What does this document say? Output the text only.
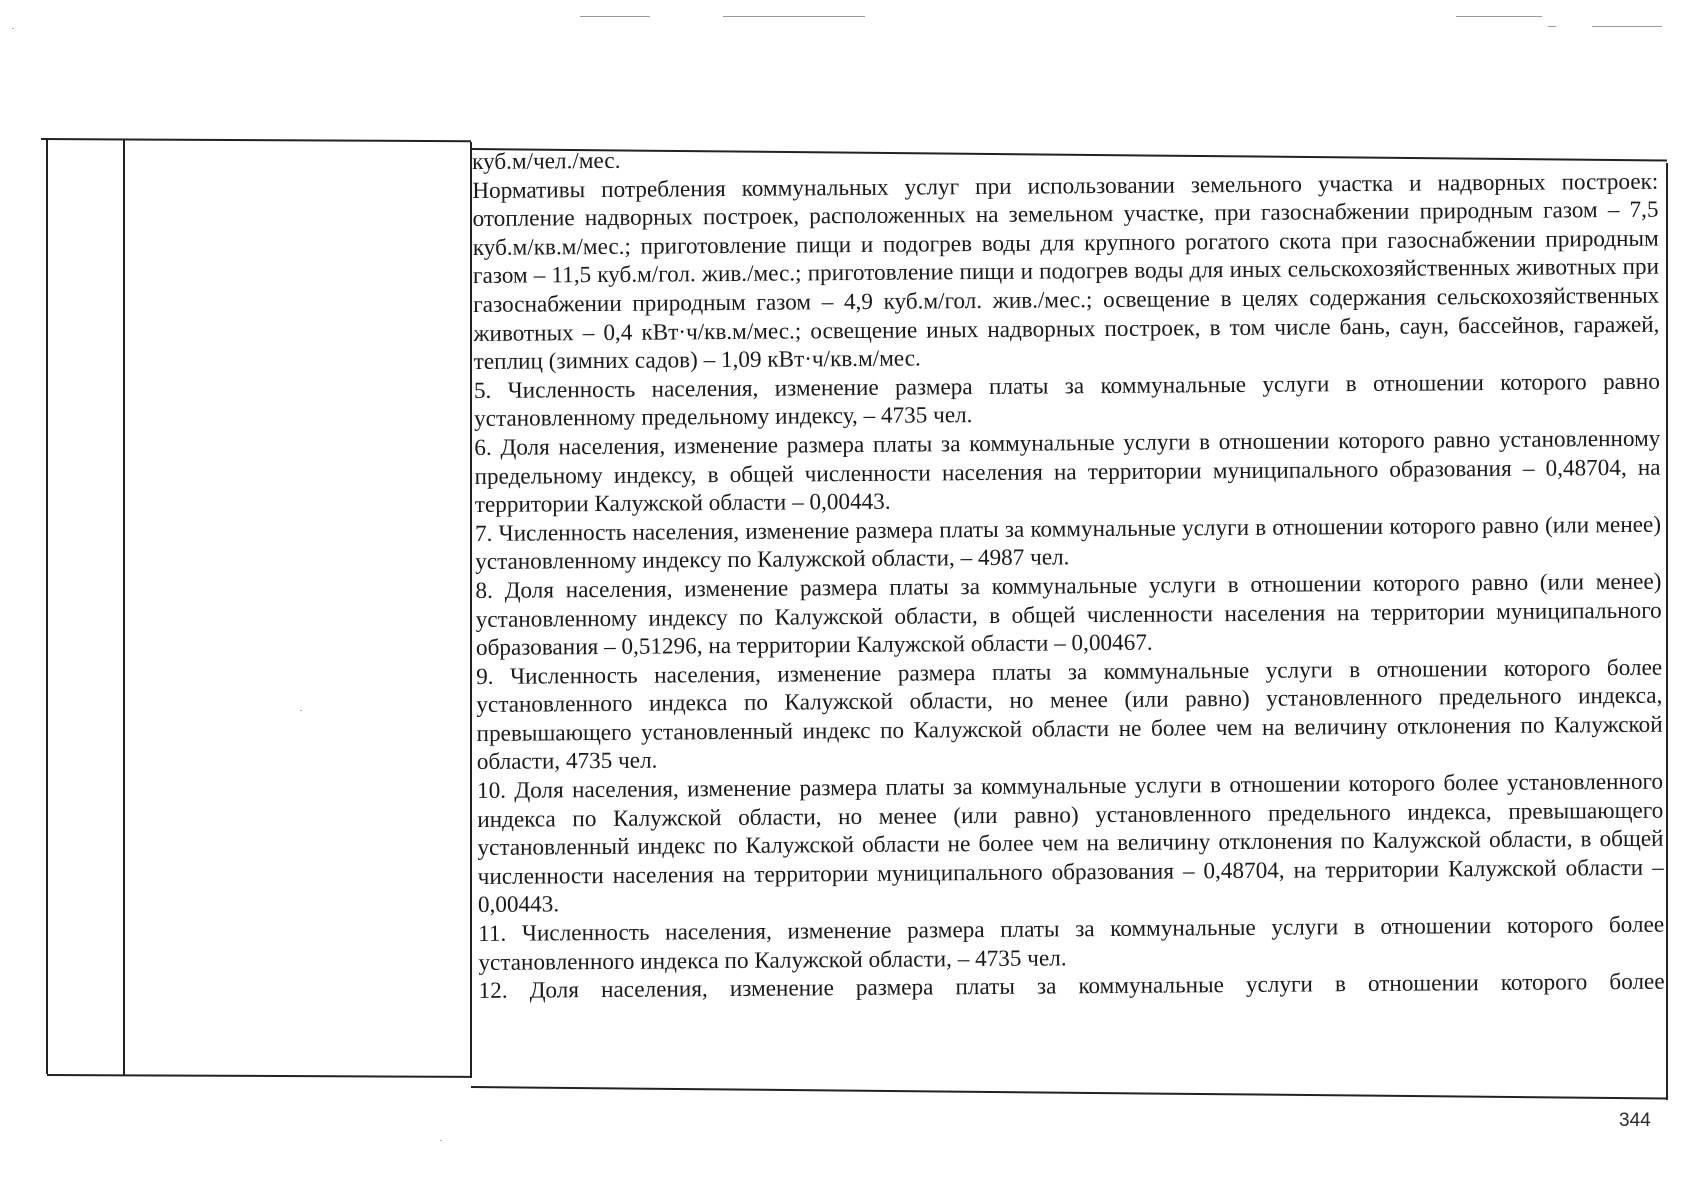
куб.м/чел./мес.

Нормативы потребления коммунальных услуг при использовании земельного участка и надворных построек: отопление надворных построек, расположенных на земельном участке, при газоснабжении природным газом – 7,5 куб.м/кв.м/мес.; приготовление пищи и подогрев воды для крупного рогатого скота при газоснабжении природным газом – 11,5 куб.м/гол. жив./мес.; приготовление пищи и подогрев воды для иных сельскохозяйственных животных при газоснабжении природным газом – 4,9 куб.м/гол. жив./мес.; освещение в целях содержания сельскохозяйственных животных – 0,4 кВт·ч/кв.м/мес.; освещение иных надворных построек, в том числе бань, саун, бассейнов, гаражей, теплиц (зимних садов) – 1,09 кВт·ч/кв.м/мес.

5. Численность населения, изменение размера платы за коммунальные услуги в отношении которого равно установленному предельному индексу, – 4735 чел.

6. Доля населения, изменение размера платы за коммунальные услуги в отношении которого равно установленному предельному индексу, в общей численности населения на территории муниципального образования – 0,48704, на территории Калужской области – 0,00443.

7. Численность населения, изменение размера платы за коммунальные услуги в отношении которого равно (или менее) установленному индексу по Калужской области, – 4987 чел.

8. Доля населения, изменение размера платы за коммунальные услуги в отношении которого равно (или менее) установленному индексу по Калужской области, в общей численности населения на территории муниципального образования – 0,51296, на территории Калужской области – 0,00467.

9. Численность населения, изменение размера платы за коммунальные услуги в отношении которого более установленного индекса по Калужской области, но менее (или равно) установленного предельного индекса, превышающего установленный индекс по Калужской области не более чем на величину отклонения по Калужской области, 4735 чел.

10. Доля населения, изменение размера платы за коммунальные услуги в отношении которого более установленного индекса по Калужской области, но менее (или равно) установленного предельного индекса, превышающего установленный индекс по Калужской области не более чем на величину отклонения по Калужской области, в общей численности населения на территории муниципального образования – 0,48704, на территории Калужской области – 0,00443.

11. Численность населения, изменение размера платы за коммунальные услуги в отношении которого более установленного индекса по Калужской области, – 4735 чел.

12. Доля населения, изменение размера платы за коммунальные услуги в отношении которого более

344
